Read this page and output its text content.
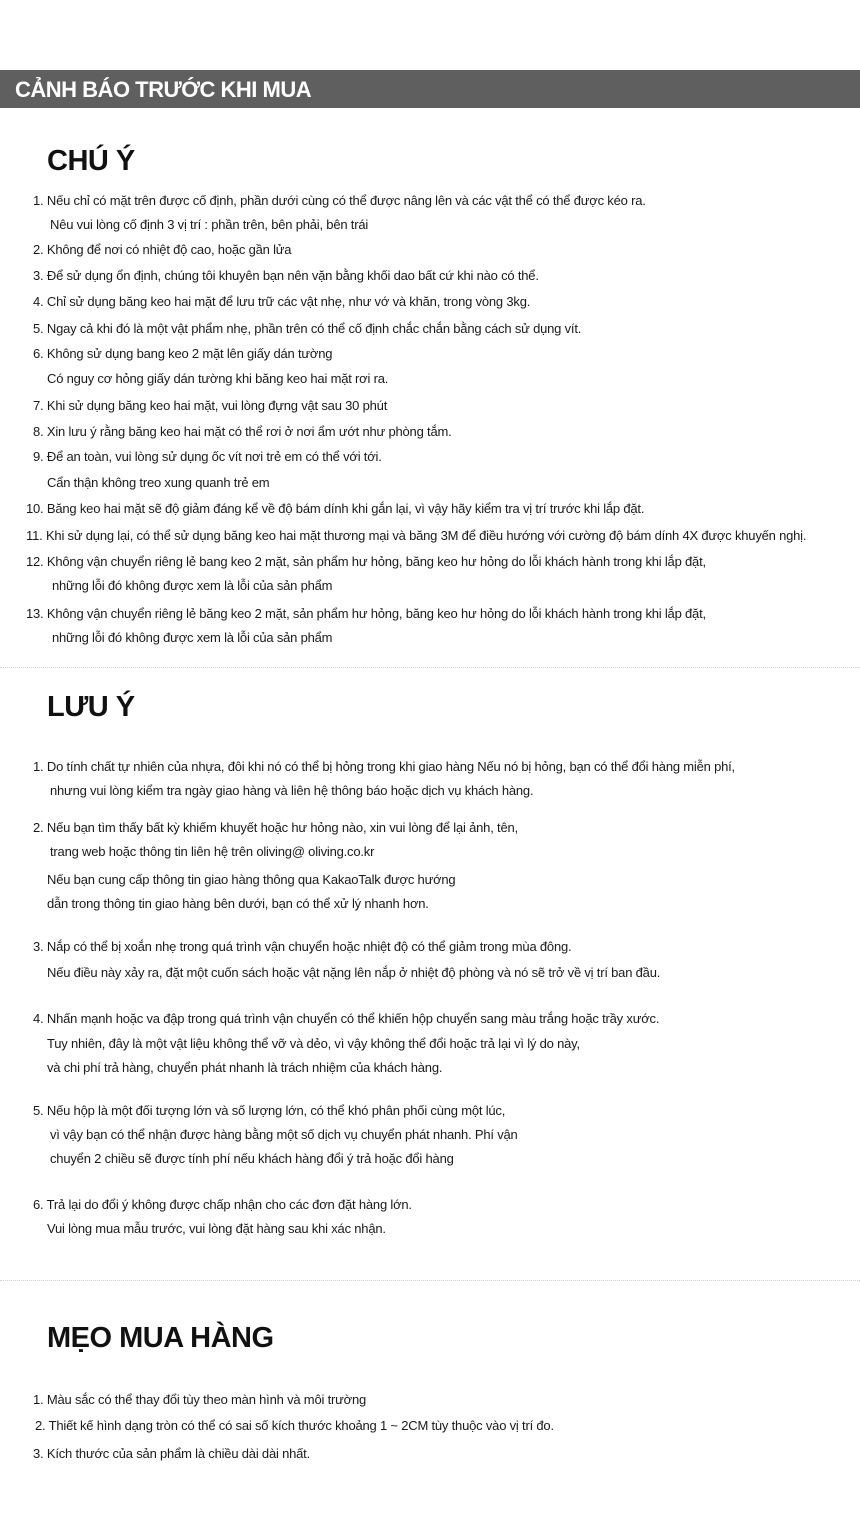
CẢNH BÁO TRƯỚC KHI MUA
CHÚ Ý

1. Nếu chỉ có mặt trên được cố định, phần dưới cùng có thể được nâng lên và các vật thể có thể được kéo ra.

Nêu vui lòng cố định 3 vị trí : phần trên, bên phải, bên trái

2. Không để nơi có nhiệt độ cao, hoặc gần lửa

3. Để sử dụng ổn định, chúng tôi khuyên bạn nên vặn bằng khối dao bất cứ khi nào có thể.

4. Chỉ sử dụng băng keo hai mặt để lưu trữ các vật nhẹ, như vớ và khăn, trong vòng 3kg.

5. Ngay cả khi đó là một vật phẩm nhẹ, phần trên có thể cố định chắc chắn bằng cách sử dụng vít.

6. Không sử dụng bang keo 2 mặt lên giấy dán tường

Có nguy cơ hỏng giấy dán tường khi băng keo hai mặt rơi ra.

7. Khi sử dụng băng keo hai mặt, vui lòng đựng vật sau 30 phút

8. Xin lưu ý rằng băng keo hai mặt có thể rơi ở nơi ẩm ướt như phòng tắm.

9. Để an toàn, vui lòng sử dụng ốc vít nơi trẻ em có thể với tới.

Cẩn thận không treo xung quanh trẻ em

10. Băng keo hai mặt sẽ độ giảm đáng kể về độ bám dính khi gắn lại, vì vậy hãy kiểm tra vị trí trước khi lắp đặt.

11. Khi sử dụng lại, có thể sử dụng băng keo hai mặt thương mại và băng 3M để điều hướng với cường độ bám dính 4X được khuyến nghị.

12. Không vận chuyển riêng lẻ bang keo 2 mặt, sản phẩm hư hỏng, băng keo hư hỏng do lỗi khách hành trong khi lắp đặt,

những lỗi đó không được xem là lỗi của sản phẩm

13. Không vận chuyển riêng lẻ băng keo 2 mặt, sản phẩm hư hỏng, băng keo hư hỏng do lỗi khách hành trong khi lắp đặt,

những lỗi đó không được xem là lỗi của sản phẩm

LƯU Ý

1. Do tính chất tự nhiên của nhựa, đôi khi nó có thể bị hỏng trong khi giao hàng Nếu nó bị hỏng, bạn có thể đổi hàng miễn phí,

nhưng vui lòng kiểm tra ngày giao hàng và liên hệ thông báo hoặc dịch vụ khách hàng.

2. Nếu bạn tìm thấy bất kỳ khiếm khuyết hoặc hư hỏng nào, xin vui lòng để lại ảnh, tên,

trang web hoặc thông tin liên hệ trên oliving@ oliving.co.kr

Nếu bạn cung cấp thông tin giao hàng thông qua KakaoTalk được hướng

dẫn trong thông tin giao hàng bên dưới, bạn có thể xử lý nhanh hơn.

3. Nắp có thể bị xoắn nhẹ trong quá trình vận chuyển hoặc nhiệt độ có thể giảm trong mùa đông.

Nếu điều này xảy ra, đặt một cuốn sách hoặc vật nặng lên nắp ở nhiệt độ phòng và nó sẽ trở về vị trí ban đầu.

4. Nhấn mạnh hoặc va đập trong quá trình vận chuyển có thể khiến hộp chuyển sang màu trắng hoặc trầy xước.

Tuy nhiên, đây là một vật liệu không thể vỡ và dẻo, vì vậy không thể đổi hoặc trả lại vì lý do này,

và chi phí trả hàng, chuyển phát nhanh là trách nhiệm của khách hàng.

5. Nếu hộp là một đối tượng lớn và số lượng lớn, có thể khó phân phối cùng một lúc,

vì vậy bạn có thể nhận được hàng bằng một số dịch vụ chuyển phát nhanh. Phí vận

chuyển 2 chiều sẽ được tính phí nếu khách hàng đổi ý trả hoặc đổi hàng

6. Trả lại do đổi ý không được chấp nhận cho các đơn đặt hàng lớn.

Vui lòng mua mẫu trước, vui lòng đặt hàng sau khi xác nhận.

MẸO MUA HÀNG

1. Màu sắc có thể thay đổi tùy theo màn hình và môi trường

2. Thiết kế hình dạng tròn có thể có sai số kích thước khoảng 1 ~ 2CM tùy thuộc vào vị trí đo.

3. Kích thước của sản phẩm là chiều dài dài nhất.
